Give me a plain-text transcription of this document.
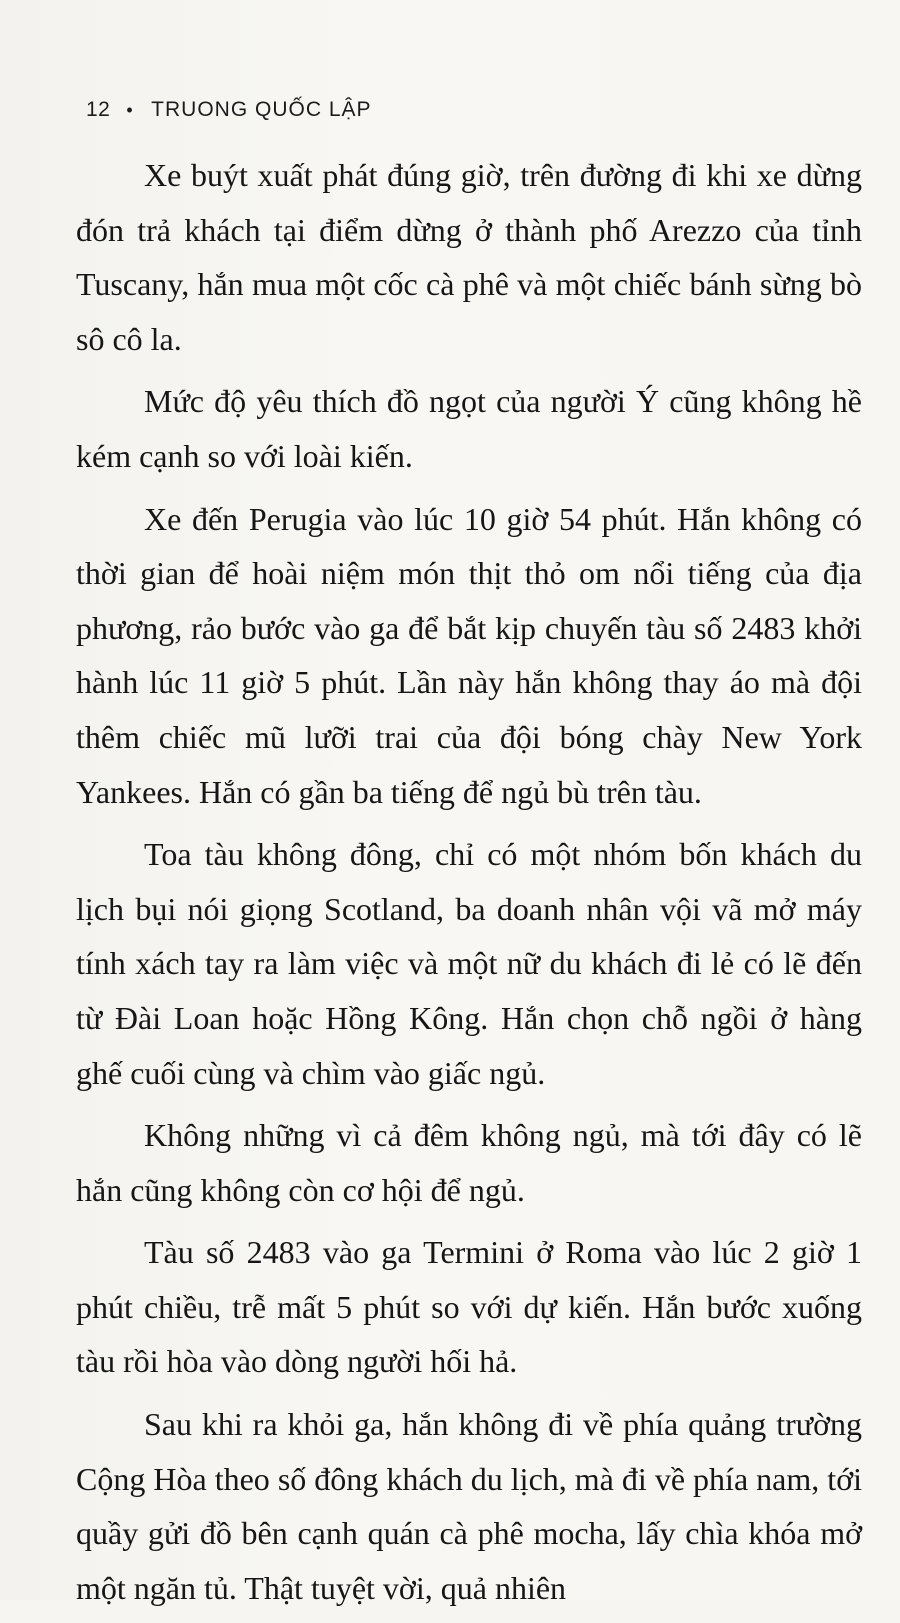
12 • TRUONG QUỐC LẬP

Xe buýt xuất phát đúng giờ, trên đường đi khi xe dừng đón trả khách tại điểm dừng ở thành phố Arezzo của tỉnh Tuscany, hắn mua một cốc cà phê và một chiếc bánh sừng bò sô cô la.

Mức độ yêu thích đồ ngọt của người Ý cũng không hề kém cạnh so với loài kiến.

Xe đến Perugia vào lúc 10 giờ 54 phút. Hắn không có thời gian để hoài niệm món thịt thỏ om nổi tiếng của địa phương, rảo bước vào ga để bắt kịp chuyến tàu số 2483 khởi hành lúc 11 giờ 5 phút. Lần này hắn không thay áo mà đội thêm chiếc mũ lưỡi trai của đội bóng chày New York Yankees. Hắn có gần ba tiếng để ngủ bù trên tàu.

Toa tàu không đông, chỉ có một nhóm bốn khách du lịch bụi nói giọng Scotland, ba doanh nhân vội vã mở máy tính xách tay ra làm việc và một nữ du khách đi lẻ có lẽ đến từ Đài Loan hoặc Hồng Kông. Hắn chọn chỗ ngồi ở hàng ghế cuối cùng và chìm vào giấc ngủ.

Không những vì cả đêm không ngủ, mà tới đây có lẽ hắn cũng không còn cơ hội để ngủ.

Tàu số 2483 vào ga Termini ở Roma vào lúc 2 giờ 1 phút chiều, trễ mất 5 phút so với dự kiến. Hắn bước xuống tàu rồi hòa vào dòng người hối hả.

Sau khi ra khỏi ga, hắn không đi về phía quảng trường Cộng Hòa theo số đông khách du lịch, mà đi về phía nam, tới quầy gửi đồ bên cạnh quán cà phê mocha, lấy chìa khóa mở một ngăn tủ. Thật tuyệt vời, quả nhiên
